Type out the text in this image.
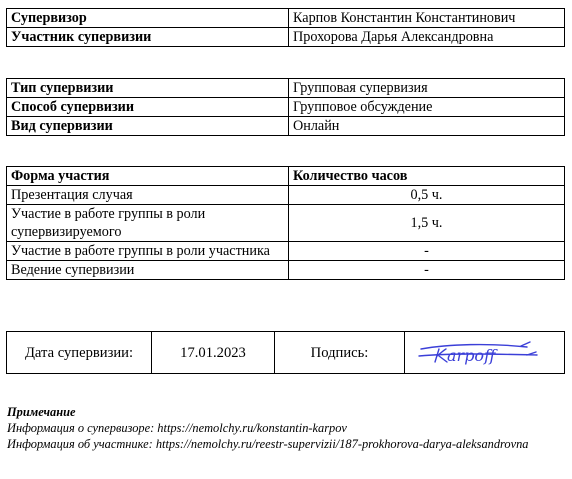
Супервизор	Карпов Константин Константинович
Участник супервизии	Прохорова Дарья Александровна
Тип супервизии	Групповая супервизия
Способ супервизии	Групповое обсуждение
Вид супервизии	Онлайн
Форма участия	Количество часов
Презентация случая	0,5 ч.
Участие в работе группы в роли супервизируемого	1,5 ч.
Участие в работе группы в роли участника	-
Ведение супервизии	-
Дата супервизии:	17.01.2023	Подпись:	arpoff
Примечание
Информация о супервизоре: https://nemolchy.ru/konstantin-karpov
Информация об участнике: https://nemolchy.ru/reestr-supervizii/187-prokhorova-darya-aleksandrovna
